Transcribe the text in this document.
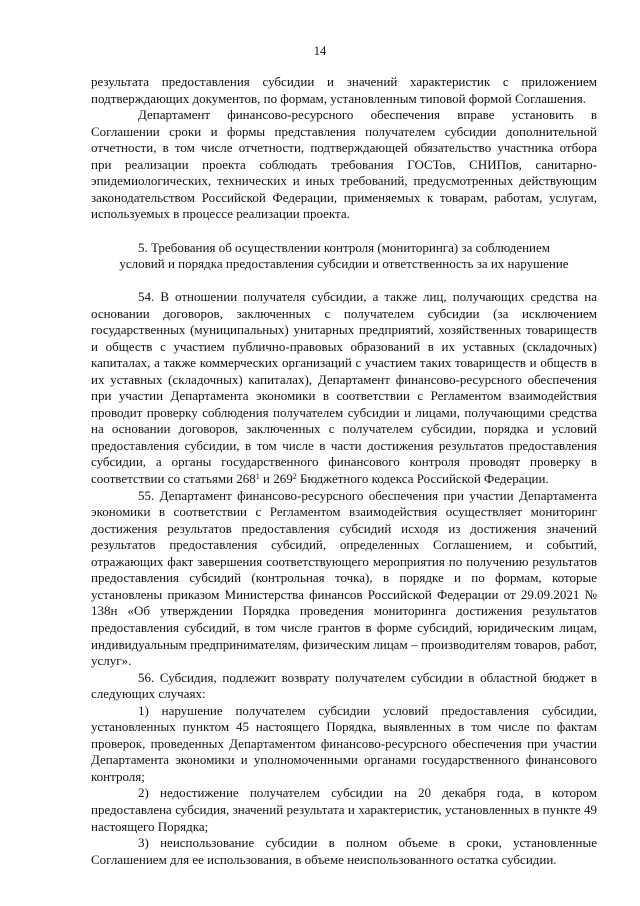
14

результата предоставления субсидии и значений характеристик с приложением подтверждающих документов, по формам, установленным типовой формой Соглашения.

Департамент финансово-ресурсного обеспечения вправе установить в Соглашении сроки и формы представления получателем субсидии дополнительной отчетности, в том числе отчетности, подтверждающей обязательство участника отбора при реализации проекта соблюдать требования ГОСТов, СНИПов, санитарно-эпидемиологических, технических и иных требований, предусмотренных действующим законодательством Российской Федерации, применяемых к товарам, работам, услугам, используемых в процессе реализации проекта.

5. Требования об осуществлении контроля (мониторинга) за соблюдением
условий и порядка предоставления субсидии и ответственность за их нарушение

54. В отношении получателя субсидии, а также лиц, получающих средства на основании договоров, заключенных с получателем субсидии (за исключением государственных (муниципальных) унитарных предприятий, хозяйственных товариществ и обществ с участием публично-правовых образований в их уставных (складочных) капиталах, а также коммерческих организаций с участием таких товариществ и обществ в их уставных (складочных) капиталах), Департамент финансово-ресурсного обеспечения при участии Департамента экономики в соответствии с Регламентом взаимодействия проводит проверку соблюдения получателем субсидии и лицами, получающими средства на основании договоров, заключенных с получателем субсидии, порядка и условий предоставления субсидии, в том числе в части достижения результатов предоставления субсидии, а органы государственного финансового контроля проводят проверку в соответствии со статьями $268^1$ и $269^2$ Бюджетного кодекса Российской Федерации.

55. Департамент финансово-ресурсного обеспечения при участии Департамента экономики в соответствии с Регламентом взаимодействия осуществляет мониторинг достижения результатов предоставления субсидий исходя из достижения значений результатов предоставления субсидий, определенных Соглашением, и событий, отражающих факт завершения соответствующего мероприятия по получению результатов предоставления субсидий (контрольная точка), в порядке и по формам, которые установлены приказом Министерства финансов Российской Федерации от 29.09.2021 № 138н «Об утверждении Порядка проведения мониторинга достижения результатов предоставления субсидий, в том числе грантов в форме субсидий, юридическим лицам, индивидуальным предпринимателям, физическим лицам – производителям товаров, работ, услуг».

56. Субсидия, подлежит возврату получателем субсидии в областной бюджет в следующих случаях:

1) нарушение получателем субсидии условий предоставления субсидии, установленных пунктом 45 настоящего Порядка, выявленных в том числе по фактам проверок, проведенных Департаментом финансово-ресурсного обеспечения при участии Департамента экономики и уполномоченными органами государственного финансового контроля;

2) недостижение получателем субсидии на 20 декабря года, в котором предоставлена субсидия, значений результата и характеристик, установленных в пункте 49 настоящего Порядка;

3) неиспользование субсидии в полном объеме в сроки, установленные Соглашением для ее использования, в объеме неиспользованного остатка субсидии.
